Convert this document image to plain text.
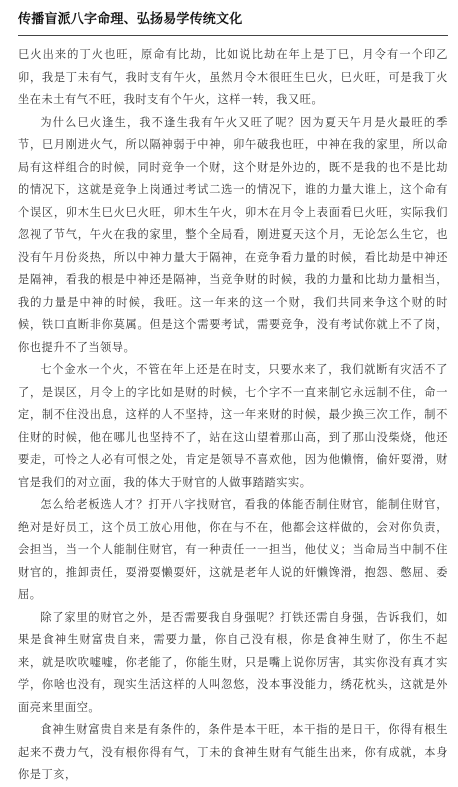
传播盲派八字命理、弘扬易学传统文化

巳火出来的丁火也旺，原命有比劫，比如说比劫在年上是丁巳，月令有一个印乙卯，我是丁未有气，我时支有午火，虽然月令木很旺生巳火，巳火旺，可是我丁火坐在未土有气不旺，我时支有个午火，这样一转，我又旺。

为什么巳火逢生，我不逢生我有午火又旺了呢？因为夏天午月是火最旺的季节，巳月刚进火气，所以隔神弱于中神，卯午破我也旺，中神在我的家里，所以命局有这样组合的时候，同时竞争一个财，这个财是外边的，既不是我的也不是比劫的情况下，这就是竞争上岗通过考试二选一的情况下，谁的力量大谁上，这个命有个误区，卯木生巳火巳火旺，卯木生午火，卯木在月令上表面看巳火旺，实际我们忽视了节气，午火在我的家里，整个全局看，刚进夏天这个月，无论怎么生它，也没有午月份炎热，所以中神力量大于隔神，在竞争看力量的时候，看比劫是中神还是隔神，看我的根是中神还是隔神，当竞争财的时候，我的力量和比劫力量相当，我的力量是中神的时候，我旺。这一年来的这一个财，我们共同来争这个财的时候，铁口直断非你莫属。但是这个需要考试，需要竞争，没有考试你就上不了岗，你也提升不了当领导。

七个金水一个火，不管在年上还是在时支，只要水来了，我们就断有灾活不了了，是误区，月令上的字比如是财的时候，七个字不一直来制它永远制不住，命一定，制不住没出息，这样的人不坚持，这一年来财的时候，最少换三次工作，制不住财的时候，他在哪儿也坚持不了，站在这山望着那山高，到了那山没柴烧，他还要走，可怜之人必有可恨之处，肯定是领导不喜欢他，因为他懒惰，偷奸耍滑，财官是我们的对立面，我的体大于财官的人做事踏踏实实。

怎么给老板选人才？打开八字找财官，看我的体能否制住财官，能制住财官，绝对是好员工，这个员工放心用他，你在与不在，他都会这样做的，会对你负责，会担当，当一个人能制住财官，有一种责任一一担当，他仗义；当命局当中制不住财官的，推卸责任，耍滑耍懒耍奸，这就是老年人说的奸懒馋滑，抱怨、憋屈、委屈。

除了家里的财官之外，是否需要我自身强呢？打铁还需自身强，告诉我们，如果是食神生财富贵自来，需要力量，你自己没有根，你是食神生财了，你生不起来，就是吹吹嘘嘘，你老能了，你能生财，只是嘴上说你厉害，其实你没有真才实学，你啥也没有，现实生活这样的人叫忽悠，没本事没能力，绣花枕头，这就是外面亮来里面空。

食神生财富贵自来是有条件的，条件是本干旺，本干指的是日干，你得有根生起来不费力气，没有根你得有气，丁未的食神生财有气能生出来，你有成就，本身你是丁亥，
